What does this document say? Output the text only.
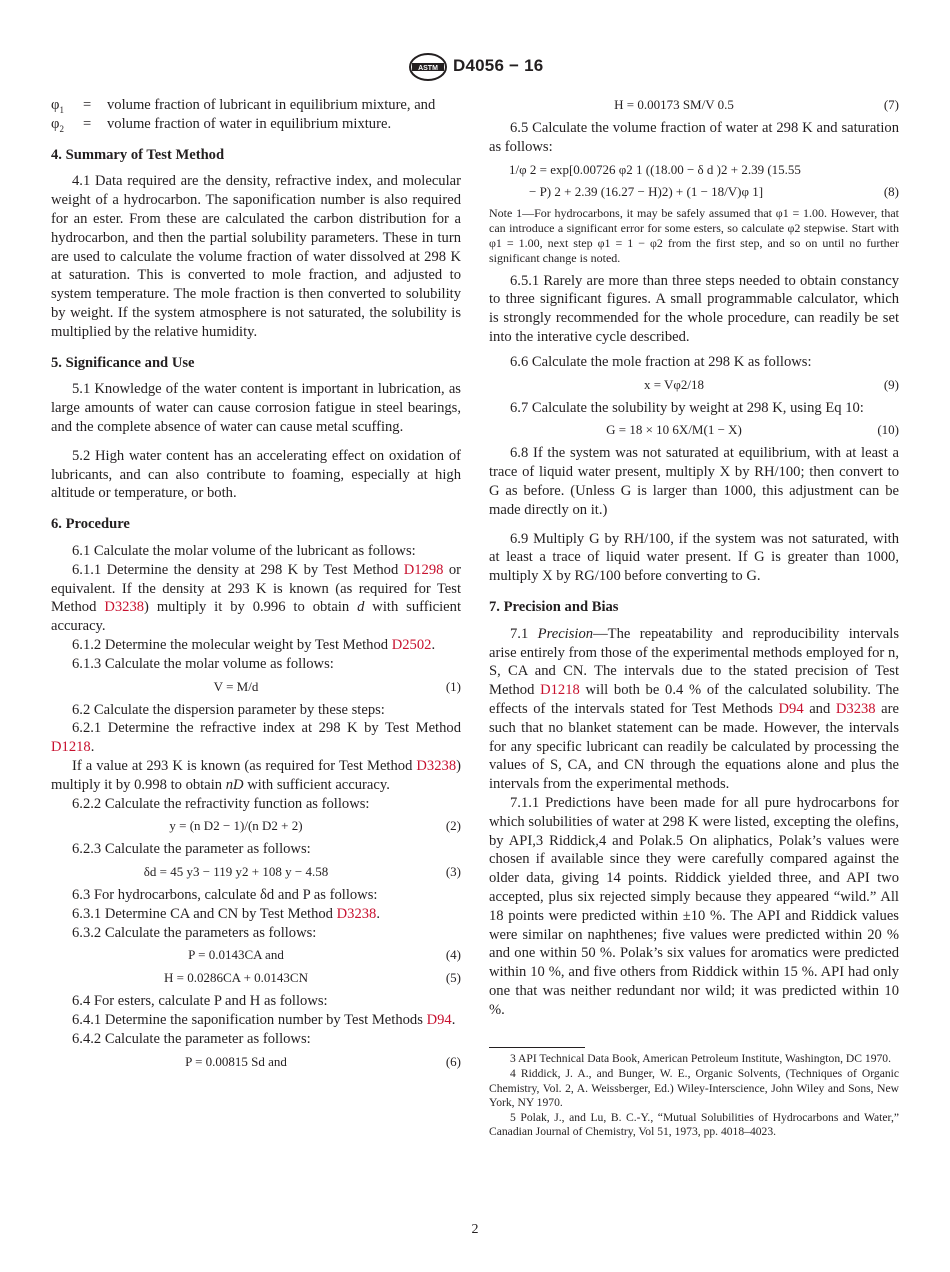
ASTM D4056 − 16
$\varphi_1$	=	volume fraction of lubricant in equilibrium mixture, and
$\varphi_2$	=	volume fraction of water in equilibrium mixture.
4. Summary of Test Method

4.1 Data required are the density, refractive index, and molecular weight of a hydrocarbon. The saponification number is also required for an ester. From these are calculated the carbon distribution for a hydrocarbon, and then the partial solubility parameters. These in turn are used to calculate the volume fraction of water dissolved at 298 K at saturation. This is converted to mole fraction, and adjusted to system temperature. The mole fraction is then converted to solubility by weight. If the system atmosphere is not saturated, the solubility is multiplied by the relative humidity.

5. Significance and Use

5.1 Knowledge of the water content is important in lubrication, as large amounts of water can cause corrosion fatigue in steel bearings, and the complete absence of water can cause metal scuffing.

5.2 High water content has an accelerating effect on oxidation of lubricants, and can also contribute to foaming, especially at high altitude or temperature, or both.

6. Procedure

6.1 Calculate the molar volume of the lubricant as follows:

6.1.1 Determine the density at 298 K by Test Method D1298 or equivalent. If the density at 293 K is known (as required for Test Method D3238) multiply it by 0.996 to obtain d with sufficient accuracy.

6.1.2 Determine the molecular weight by Test Method D2502.

6.1.3 Calculate the molar volume as follows:

V = M/d	(1)

6.2 Calculate the dispersion parameter by these steps:

6.2.1 Determine the refractive index at 298 K by Test Method D1218.

If a value at 293 K is known (as required for Test Method D3238) multiply it by 0.998 to obtain nD with sufficient accuracy.

6.2.2 Calculate the refractivity function as follows:

y = (n D2 − 1)/(n D2 + 2)	(2)

6.2.3 Calculate the parameter as follows:

δd = 45 y3 − 119 y2 + 108 y − 4.58	(3)

6.3 For hydrocarbons, calculate δd and P as follows:

6.3.1 Determine CA and CN by Test Method D3238.

6.3.2 Calculate the parameters as follows:

P = 0.0143CA and	(4)
H = 0.0286CA + 0.0143CN	(5)

6.4 For esters, calculate P and H as follows:

6.4.1 Determine the saponification number by Test Methods D94.

6.4.2 Calculate the parameter as follows:

P = 0.00815 Sd and	(6)
H = 0.00173 SM/V 0.5	(7)

6.5 Calculate the volume fraction of water at 298 K and saturation as follows:

1/φ 2 = exp[0.00726 φ2 1 ((18.00 − δ d )2 + 2.39 (15.55
− P) 2 + 2.39 (16.27 − H)2) + (1 − 18/V)φ 1]	(8)
Note 1—For hydrocarbons, it may be safely assumed that φ1 = 1.00. However, that can introduce a significant error for some esters, so calculate φ2 stepwise. Start with φ1 = 1.00, next step φ1 = 1 − φ2 from the first step, and so on until no further significant change is noted.

6.5.1 Rarely are more than three steps needed to obtain constancy to three significant figures. A small programmable calculator, which is strongly recommended for the whole procedure, can readily be set into the interative cycle described.

6.6 Calculate the mole fraction at 298 K as follows:

x = Vφ2/18	(9)

6.7 Calculate the solubility by weight at 298 K, using Eq 10:

G = 18 × 10 6X/M(1 − X)	(10)

6.8 If the system was not saturated at equilibrium, with at least a trace of liquid water present, multiply X by RH/100; then convert to G as before. (Unless G is larger than 1000, this adjustment can be made directly on it.)

6.9 Multiply G by RH/100, if the system was not saturated, with at least a trace of liquid water present. If G is greater than 1000, multiply X by RG/100 before converting to G.

7. Precision and Bias

7.1 Precision—The repeatability and reproducibility intervals arise entirely from those of the experimental methods employed for n, S, CA and CN. The intervals due to the stated precision of Test Method D1218 will both be 0.4 % of the calculated solubility. The effects of the intervals stated for Test Methods D94 and D3238 are such that no blanket statement can be made. However, the intervals for any specific lubricant can readily be calculated by processing the values of S, CA, and CN through the equations alone and plus the intervals from the experimental methods.

7.1.1 Predictions have been made for all pure hydrocarbons for which solubilities of water at 298 K were listed, excepting the olefins, by API,3 Riddick,4 and Polak.5 On aliphatics, Polak’s values were chosen if available since they were carefully compared against the older data, giving 14 points. Riddick yielded three, and API two accepted, plus six rejected simply because they appeared “wild.” All 18 points were predicted within ±10 %. The API and Riddick values were similar on naphthenes; five values were predicted within 20 % and one within 50 %. Polak’s six values for aromatics were predicted within 10 %, and five others from Riddick within 15 %. API had only one that was neither redundant nor wild; it was predicted within 10 %.

3 API Technical Data Book, American Petroleum Institute, Washington, DC 1970.

4 Riddick, J. A., and Bunger, W. E., Organic Solvents, (Techniques of Organic Chemistry, Vol. 2, A. Weissberger, Ed.) Wiley-Interscience, John Wiley and Sons, New York, NY 1970.

5 Polak, J., and Lu, B. C.-Y., “Mutual Solubilities of Hydrocarbons and Water,” Canadian Journal of Chemistry, Vol 51, 1973, pp. 4018–4023.

2
